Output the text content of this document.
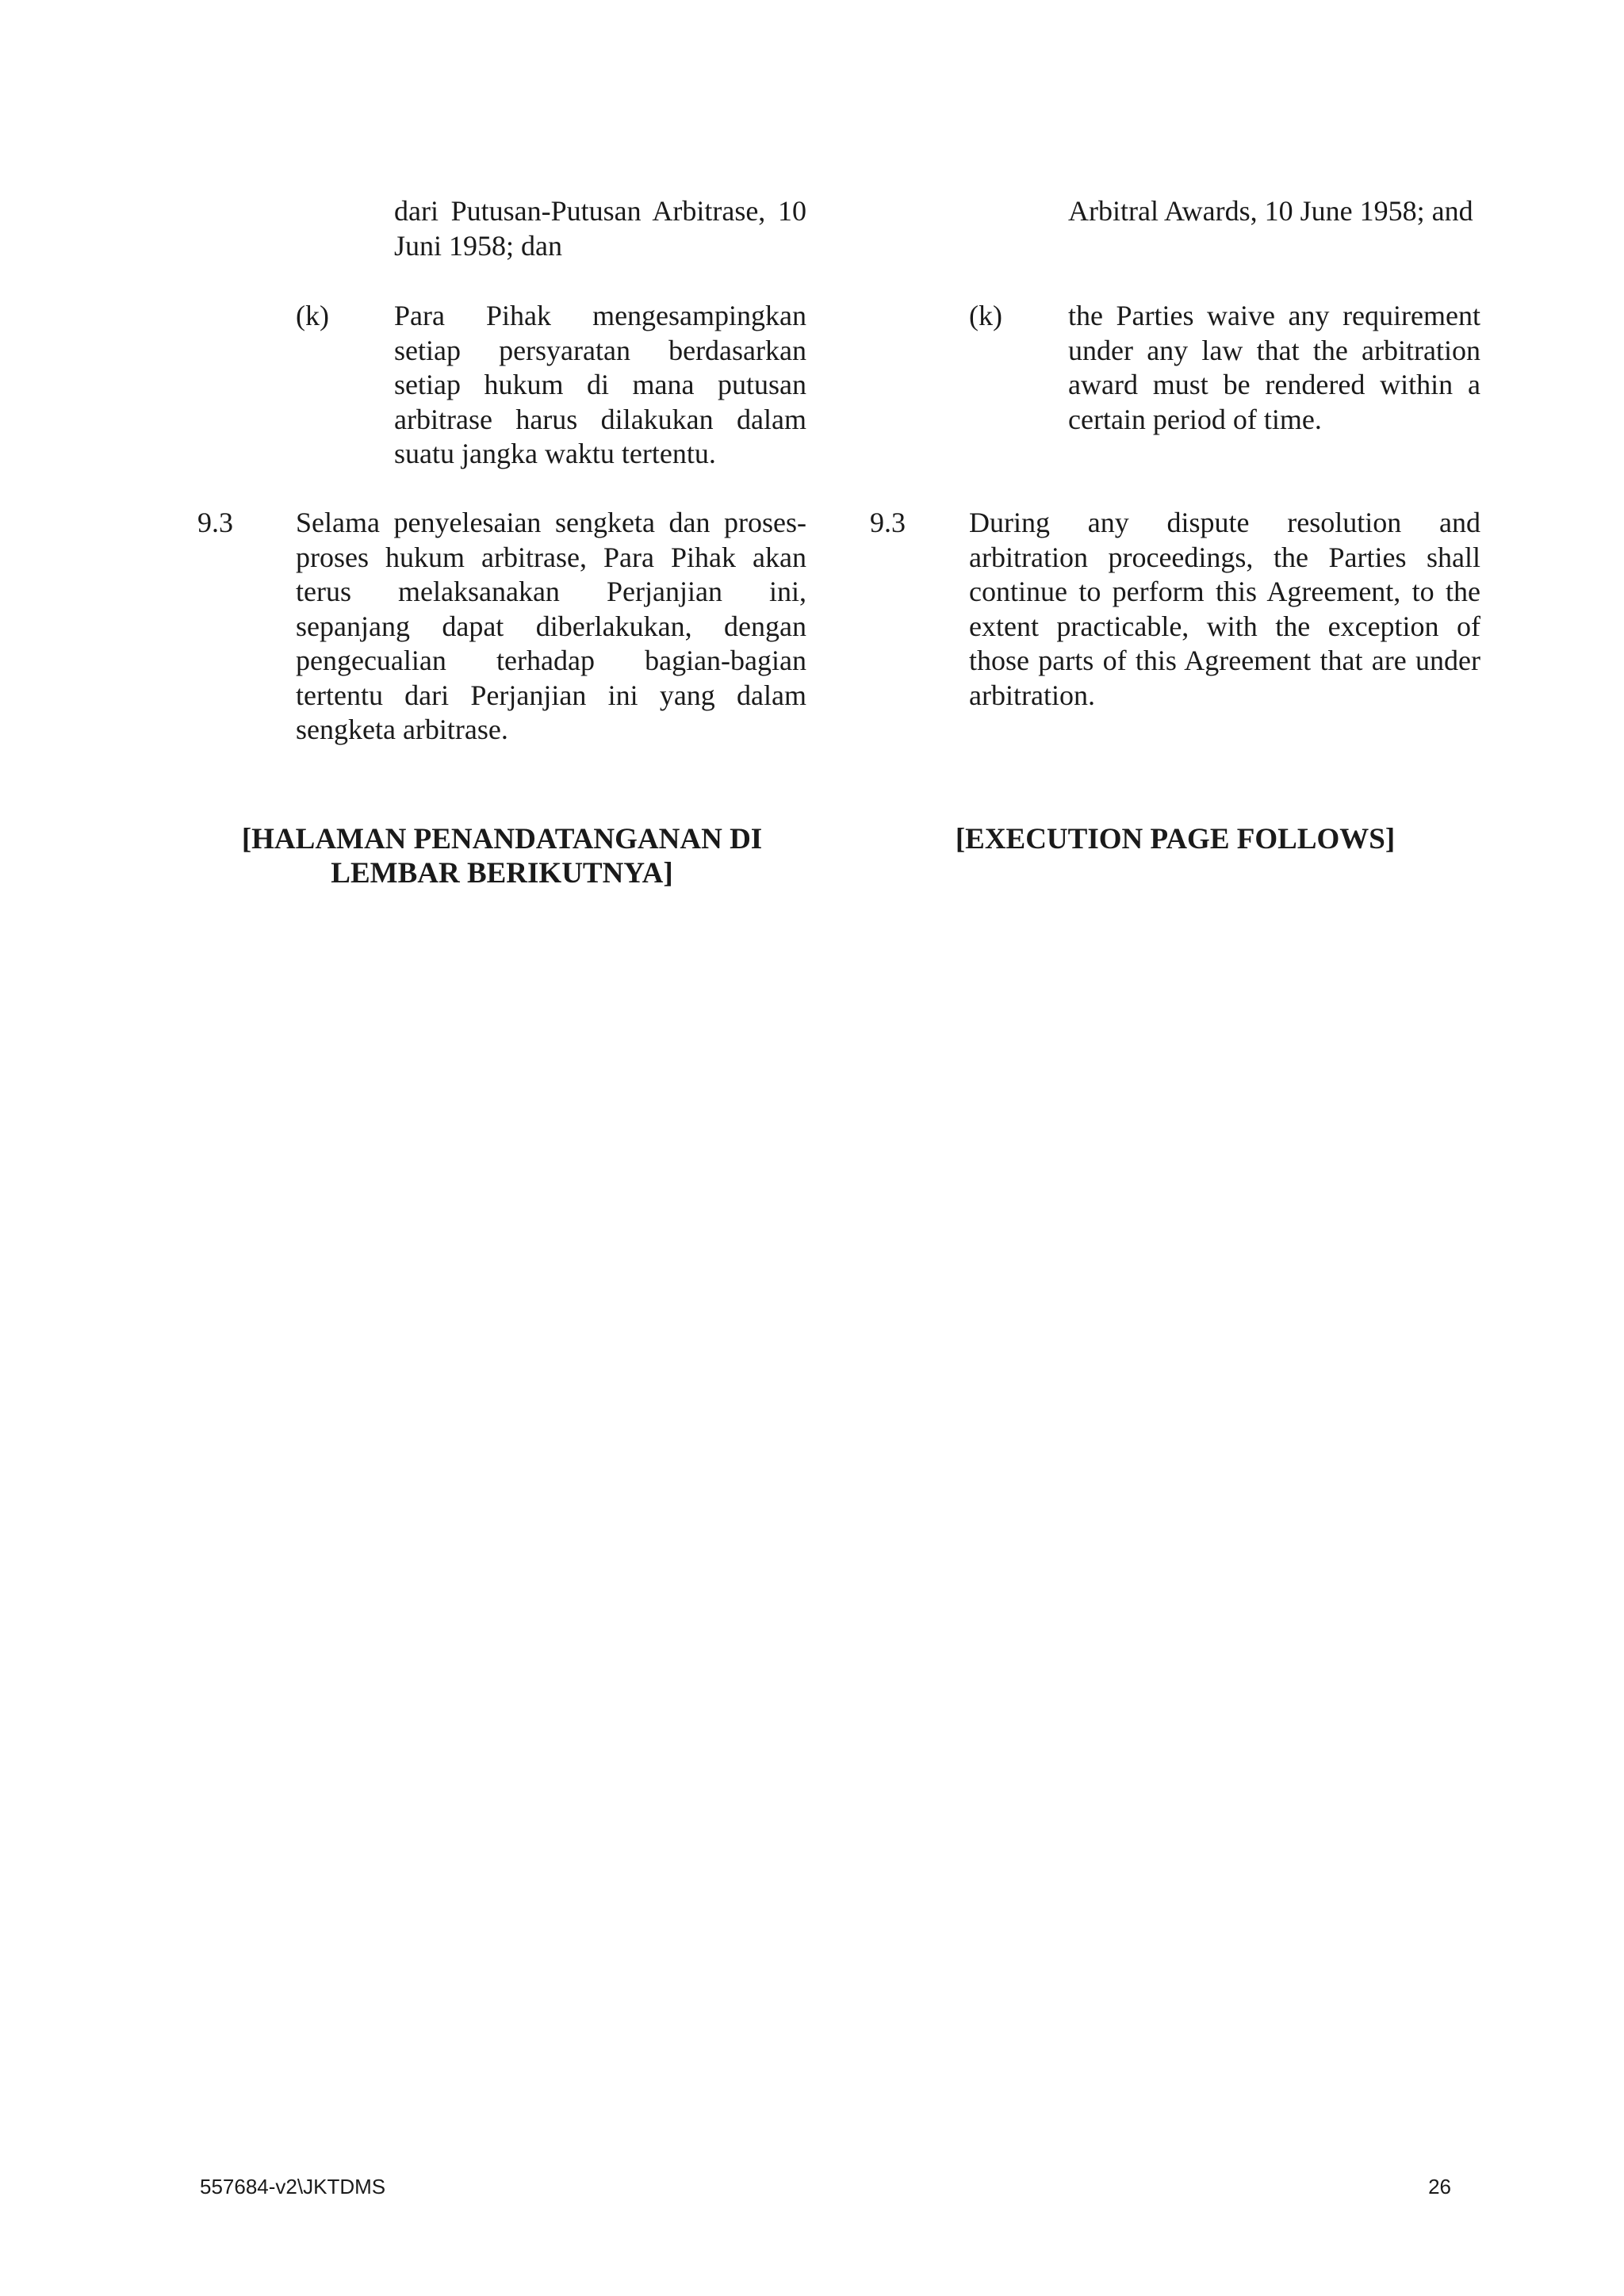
dari Putusan-Putusan Arbitrase, 10 Juni 1958; dan
(k) Para Pihak mengesampingkan setiap persyaratan berdasarkan setiap hukum di mana putusan arbitrase harus dilakukan dalam suatu jangka waktu tertentu.
9.3 Selama penyelesaian sengketa dan proses-proses hukum arbitrase, Para Pihak akan terus melaksanakan Perjanjian ini, sepanjang dapat diberlakukan, dengan pengecualian terhadap bagian-bagian tertentu dari Perjanjian ini yang dalam sengketa arbitrase.
[HALAMAN PENANDATANGANAN DI
LEMBAR BERIKUTNYA]
Arbitral Awards, 10 June 1958; and
(k) the Parties waive any requirement under any law that the arbitration award must be rendered within a certain period of time.
9.3 During any dispute resolution and arbitration proceedings, the Parties shall continue to perform this Agreement, to the extent practicable, with the exception of those parts of this Agreement that are under arbitration.
[EXECUTION PAGE FOLLOWS]
557684-v2\JKTDMS	26
